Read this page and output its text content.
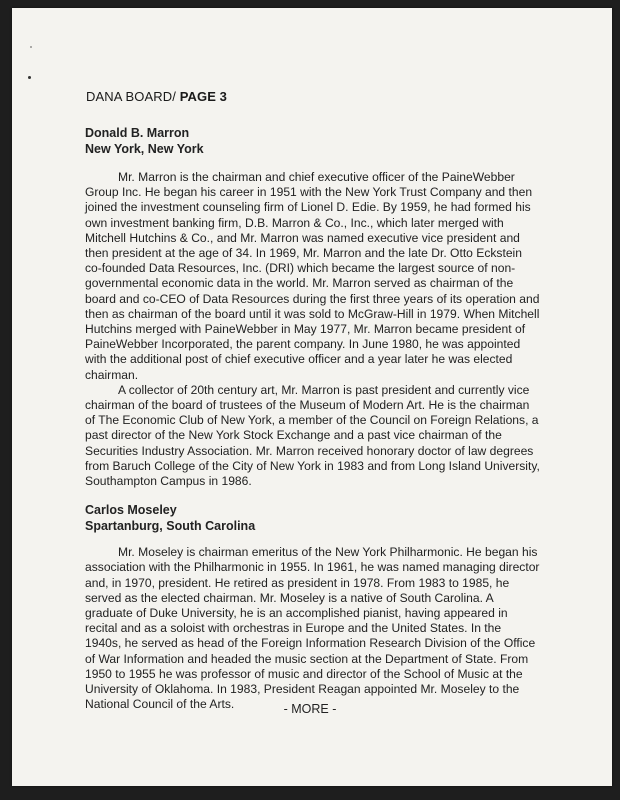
DANA BOARD/ PAGE 3
Donald B. Marron
New York, New York

Mr. Marron is the chairman and chief executive officer of the PaineWebber Group Inc. He began his career in 1951 with the New York Trust Company and then joined the investment counseling firm of Lionel D. Edie. By 1959, he had formed his own investment banking firm, D.B. Marron & Co., Inc., which later merged with Mitchell Hutchins & Co., and Mr. Marron was named executive vice president and then president at the age of 34. In 1969, Mr. Marron and the late Dr. Otto Eckstein co-founded Data Resources, Inc. (DRI) which became the largest source of non-governmental economic data in the world. Mr. Marron served as chairman of the board and co-CEO of Data Resources during the first three years of its operation and then as chairman of the board until it was sold to McGraw-Hill in 1979. When Mitchell Hutchins merged with PaineWebber in May 1977, Mr. Marron became president of PaineWebber Incorporated, the parent company. In June 1980, he was appointed with the additional post of chief executive officer and a year later he was elected chairman.

A collector of 20th century art, Mr. Marron is past president and currently vice chairman of the board of trustees of the Museum of Modern Art. He is the chairman of The Economic Club of New York, a member of the Council on Foreign Relations, a past director of the New York Stock Exchange and a past vice chairman of the Securities Industry Association. Mr. Marron received honorary doctor of law degrees from Baruch College of the City of New York in 1983 and from Long Island University, Southampton Campus in 1986.

Carlos Moseley
Spartanburg, South Carolina

Mr. Moseley is chairman emeritus of the New York Philharmonic. He began his association with the Philharmonic in 1955. In 1961, he was named managing director and, in 1970, president. He retired as president in 1978. From 1983 to 1985, he served as the elected chairman. Mr. Moseley is a native of South Carolina. A graduate of Duke University, he is an accomplished pianist, having appeared in recital and as a soloist with orchestras in Europe and the United States. In the 1940s, he served as head of the Foreign Information Research Division of the Office of War Information and headed the music section at the Department of State. From 1950 to 1955 he was professor of music and director of the School of Music at the University of Oklahoma. In 1983, President Reagan appointed Mr. Moseley to the National Council of the Arts.	- MORE -
